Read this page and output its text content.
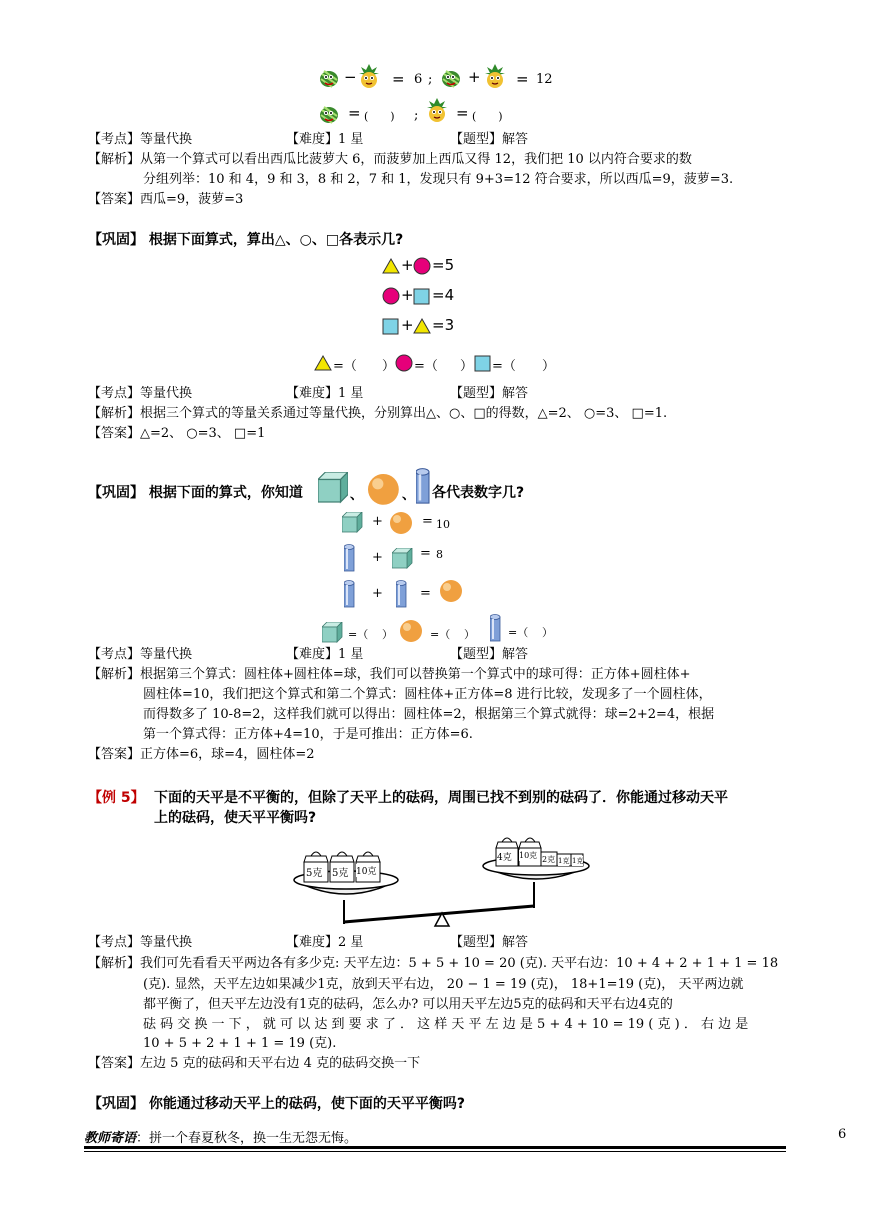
− = 6 ; + = 12
= (　　) ;	= (　　)
【考点】等量代换	【难度】1 星	【题型】解答
【解析】从第一个算式可以看出西瓜比菠萝大 6，而菠萝加上西瓜又得 12，我们把 10 以内符合要求的数
分组列举：10 和 4，9 和 3，8 和 2，7 和 1，发现只有 9+3=12 符合要求，所以西瓜=9，菠萝=3.
【答案】西瓜=9，菠萝=3
【巩固】 根据下面算式，算出△、○、□各表示几?
+ =5
+ =4
+ =3
=（ ） =（ ） =（ ）
【考点】等量代换	【难度】1 星	【题型】解答
【解析】根据三个算式的等量关系通过等量代换，分别算出△、○、□的得数，△=2、 ○=3、 □=1.
【答案】△=2、 ○=3、 □=1
【巩固】 根据下面的算式，你知道	、	、 各代表数字几?
+	= 10
+	= 8
+	=
=（ ）	=（ ）	=（ ）
【考点】等量代换	【难度】1 星	【题型】解答
【解析】根据第三个算式：圆柱体+圆柱体=球，我们可以替换第一个算式中的球可得：正方体+圆柱体+
圆柱体=10，我们把这个算式和第二个算式：圆柱体+正方体=8 进行比较，发现多了一个圆柱体，
而得数多了 10-8=2，这样我们就可以得出：圆柱体=2，根据第三个算式就得：球=2+2=4，根据
第一个算式得：正方体+4=10，于是可推出：正方体=6.
【答案】正方体=6，球=4，圆柱体=2
【例 5】 下面的天平是不平衡的，但除了天平上的砝码，周围已找不到别的砝码了．你能通过移动天平
上的砝码，使天平平衡吗?
5克 5克 10克
4克 10克 2克 1克 1克
【考点】等量代换	【难度】2 星	【题型】解答
【解析】我们可先看看天平两边各有多少克: 天平左边：5 + 5 + 10 = 20 (克). 天平右边：10 + 4 + 2 + 1 + 1 = 18
(克). 显然，天平左边如果减少1克，放到天平右边， 20 − 1 = 19 (克)， 18+1=19 (克)， 天平两边就
都平衡了，但天平左边没有1克的砝码，怎么办? 可以用天平左边5克的砝码和天平右边4克的
砝 码 交 换 一 下 ， 就 可 以 达 到 要 求 了 ． 这 样 天 平 左 边 是 5 + 4 + 10 = 19 ( 克 ) ． 右 边 是
10 + 5 + 2 + 1 + 1 = 19 (克).
【答案】左边 5 克的砝码和天平右边 4 克的砝码交换一下
【巩固】 你能通过移动天平上的砝码，使下面的天平平衡吗?
教师寄语：拼一个春夏秋冬，换一生无怨无悔。	6
